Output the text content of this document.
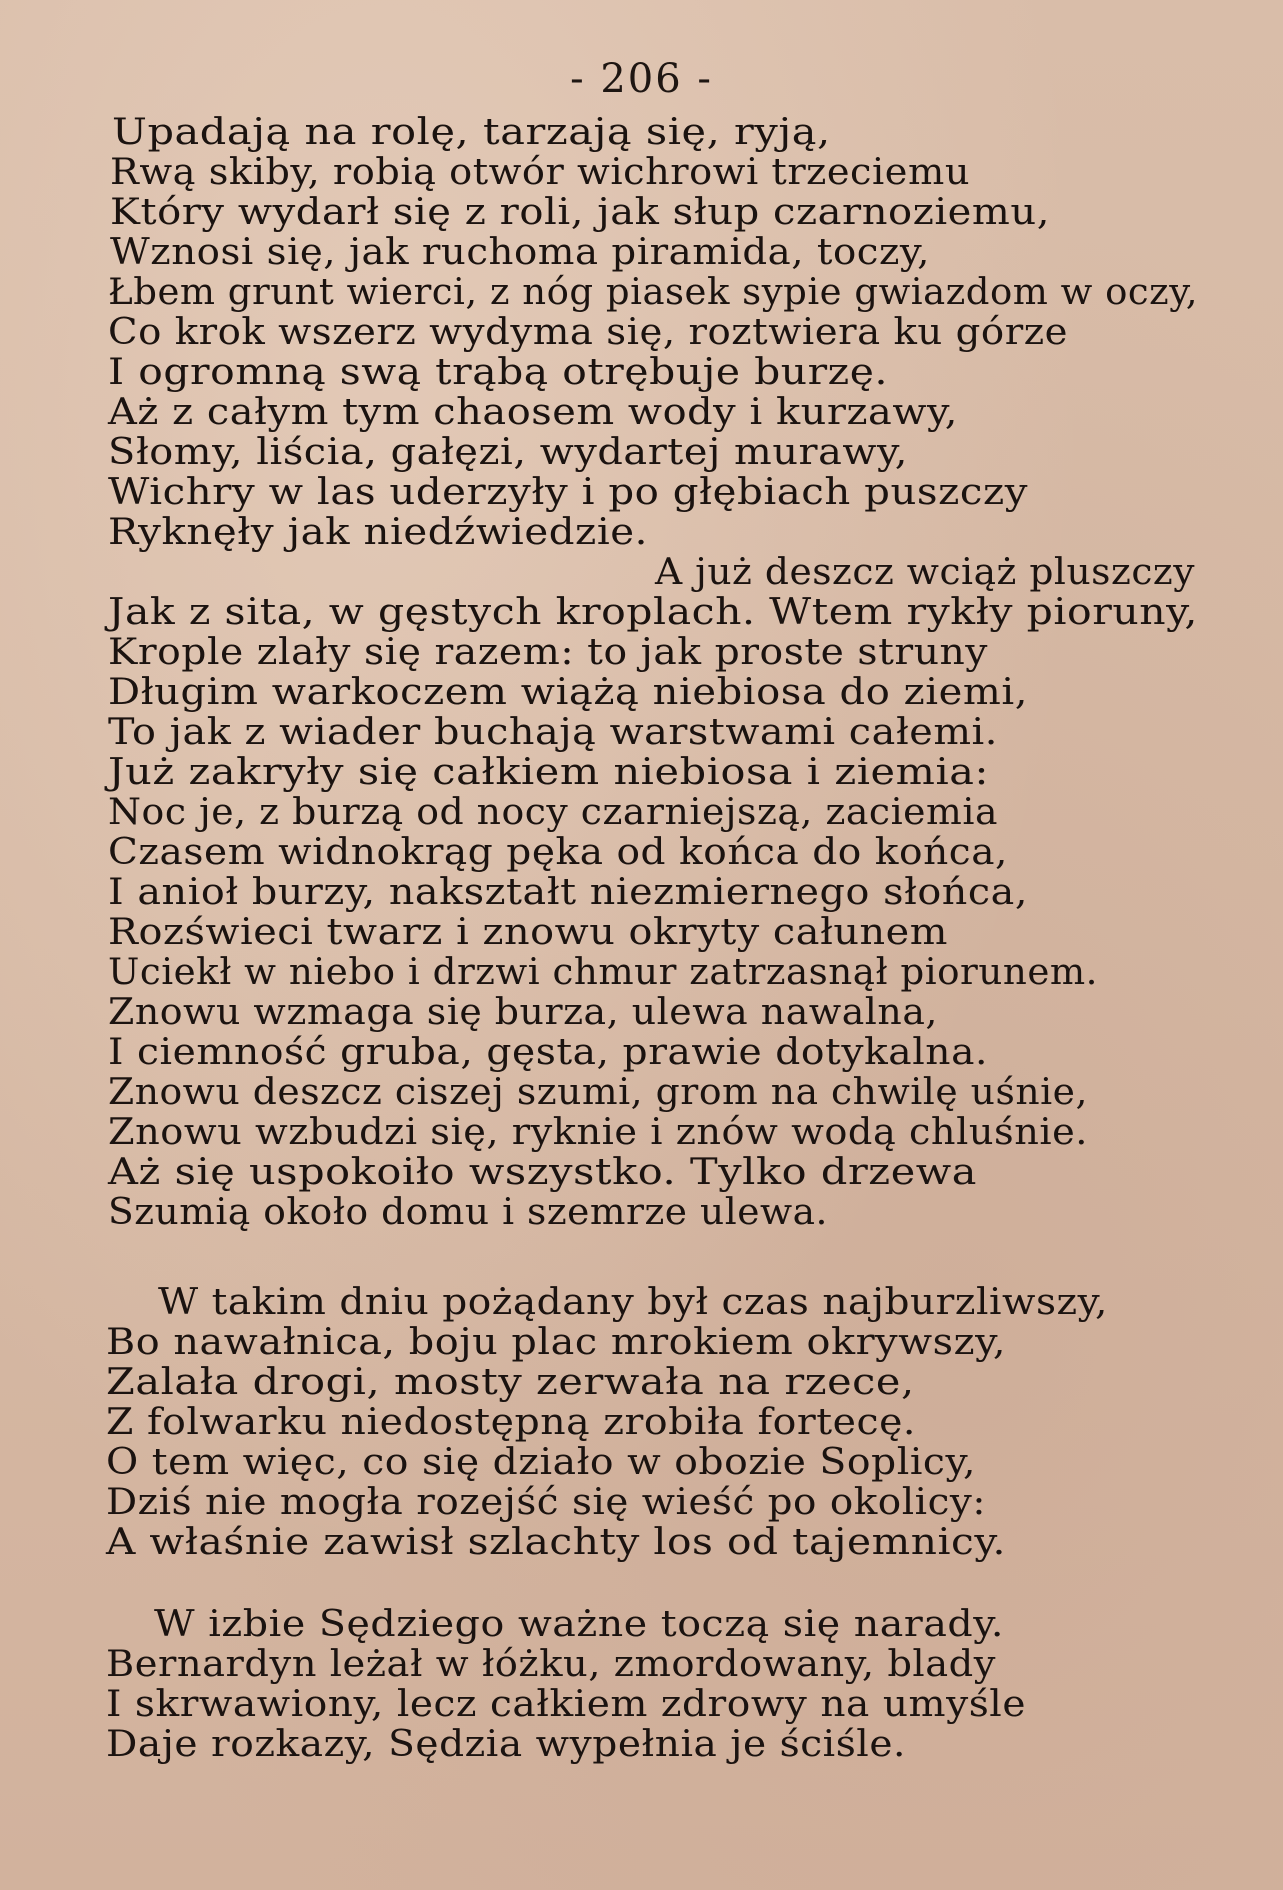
- 206 -
Upadają na rolę, tarzają się, ryją,
Rwą skiby, robią otwór wichrowi trzeciemu
Który wydarł się z roli, jak słup czarnoziemu,
Wznosi się, jak ruchoma piramida, toczy,
Łbem grunt wierci, z nóg piasek sypie gwiazdom w oczy,
Co krok wszerz wydyma się, roztwiera ku górze
I ogromną swą trąbą otrębuje burzę.
Aż z całym tym chaosem wody i kurzawy,
Słomy, liścia, gałęzi, wydartej murawy,
Wichry w las uderzyły i po głębiach puszczy
Ryknęły jak niedźwiedzie.
A już deszcz wciąż pluszczy
Jak z sita, w gęstych kroplach. Wtem rykły pioruny,
Krople zlały się razem: to jak proste struny
Długim warkoczem wiążą niebiosa do ziemi,
To jak z wiader buchają warstwami całemi.
Już zakryły się całkiem niebiosa i ziemia:
Noc je, z burzą od nocy czarniejszą, zaciemia
Czasem widnokrąg pęka od końca do końca,
I anioł burzy, nakształt niezmiernego słońca,
Rozświeci twarz i znowu okryty całunem
Uciekł w niebo i drzwi chmur zatrzasnął piorunem.
Znowu wzmaga się burza, ulewa nawalna,
I ciemność gruba, gęsta, prawie dotykalna.
Znowu deszcz ciszej szumi, grom na chwilę uśnie,
Znowu wzbudzi się, ryknie i znów wodą chluśnie.
Aż się uspokoiło wszystko. Tylko drzewa
Szumią około domu i szemrze ulewa.
W takim dniu pożądany był czas najburzliwszy,
Bo nawałnica, boju plac mrokiem okrywszy,
Zalała drogi, mosty zerwała na rzece,
Z folwarku niedostępną zrobiła fortecę.
O tem więc, co się działo w obozie Soplicy,
Dziś nie mogła rozejść się wieść po okolicy:
A właśnie zawisł szlachty los od tajemnicy.
W izbie Sędziego ważne toczą się narady.
Bernardyn leżał w łóżku, zmordowany, blady
I skrwawiony, lecz całkiem zdrowy na umyśle
Daje rozkazy, Sędzia wypełnia je ściśle.
